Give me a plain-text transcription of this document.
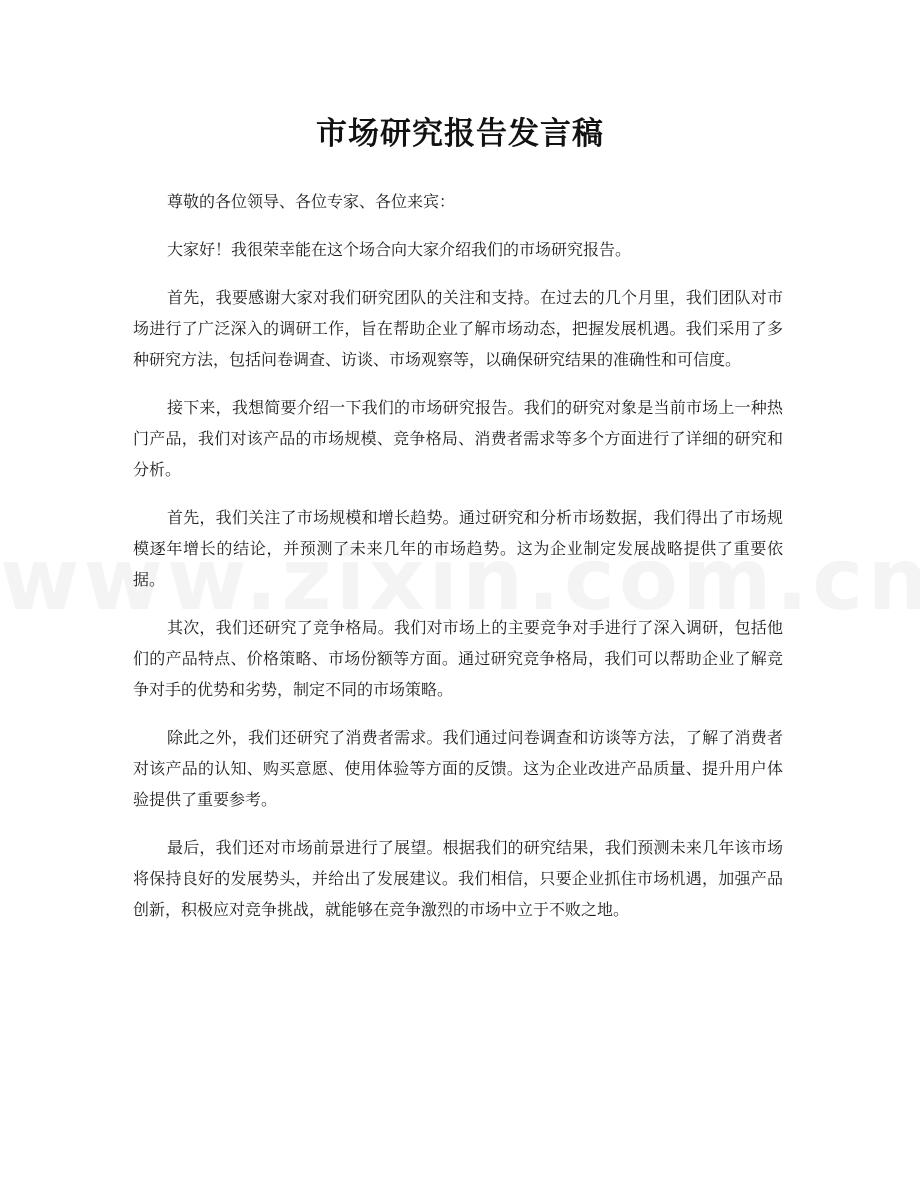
市场研究报告发言稿

尊敬的各位领导、各位专家、各位来宾：

大家好！我很荣幸能在这个场合向大家介绍我们的市场研究报告。

首先，我要感谢大家对我们研究团队的关注和支持。在过去的几个月里，我们团队对市场进行了广泛深入的调研工作，旨在帮助企业了解市场动态，把握发展机遇。我们采用了多种研究方法，包括问卷调查、访谈、市场观察等，以确保研究结果的准确性和可信度。

接下来，我想简要介绍一下我们的市场研究报告。我们的研究对象是当前市场上一种热门产品，我们对该产品的市场规模、竞争格局、消费者需求等多个方面进行了详细的研究和分析。

首先，我们关注了市场规模和增长趋势。通过研究和分析市场数据，我们得出了市场规模逐年增长的结论，并预测了未来几年的市场趋势。这为企业制定发展战略提供了重要依据。

其次，我们还研究了竞争格局。我们对市场上的主要竞争对手进行了深入调研，包括他们的产品特点、价格策略、市场份额等方面。通过研究竞争格局，我们可以帮助企业了解竞争对手的优势和劣势，制定不同的市场策略。

除此之外，我们还研究了消费者需求。我们通过问卷调查和访谈等方法，了解了消费者对该产品的认知、购买意愿、使用体验等方面的反馈。这为企业改进产品质量、提升用户体验提供了重要参考。

最后，我们还对市场前景进行了展望。根据我们的研究结果，我们预测未来几年该市场将保持良好的发展势头，并给出了发展建议。我们相信，只要企业抓住市场机遇，加强产品创新，积极应对竞争挑战，就能够在竞争激烈的市场中立于不败之地。
